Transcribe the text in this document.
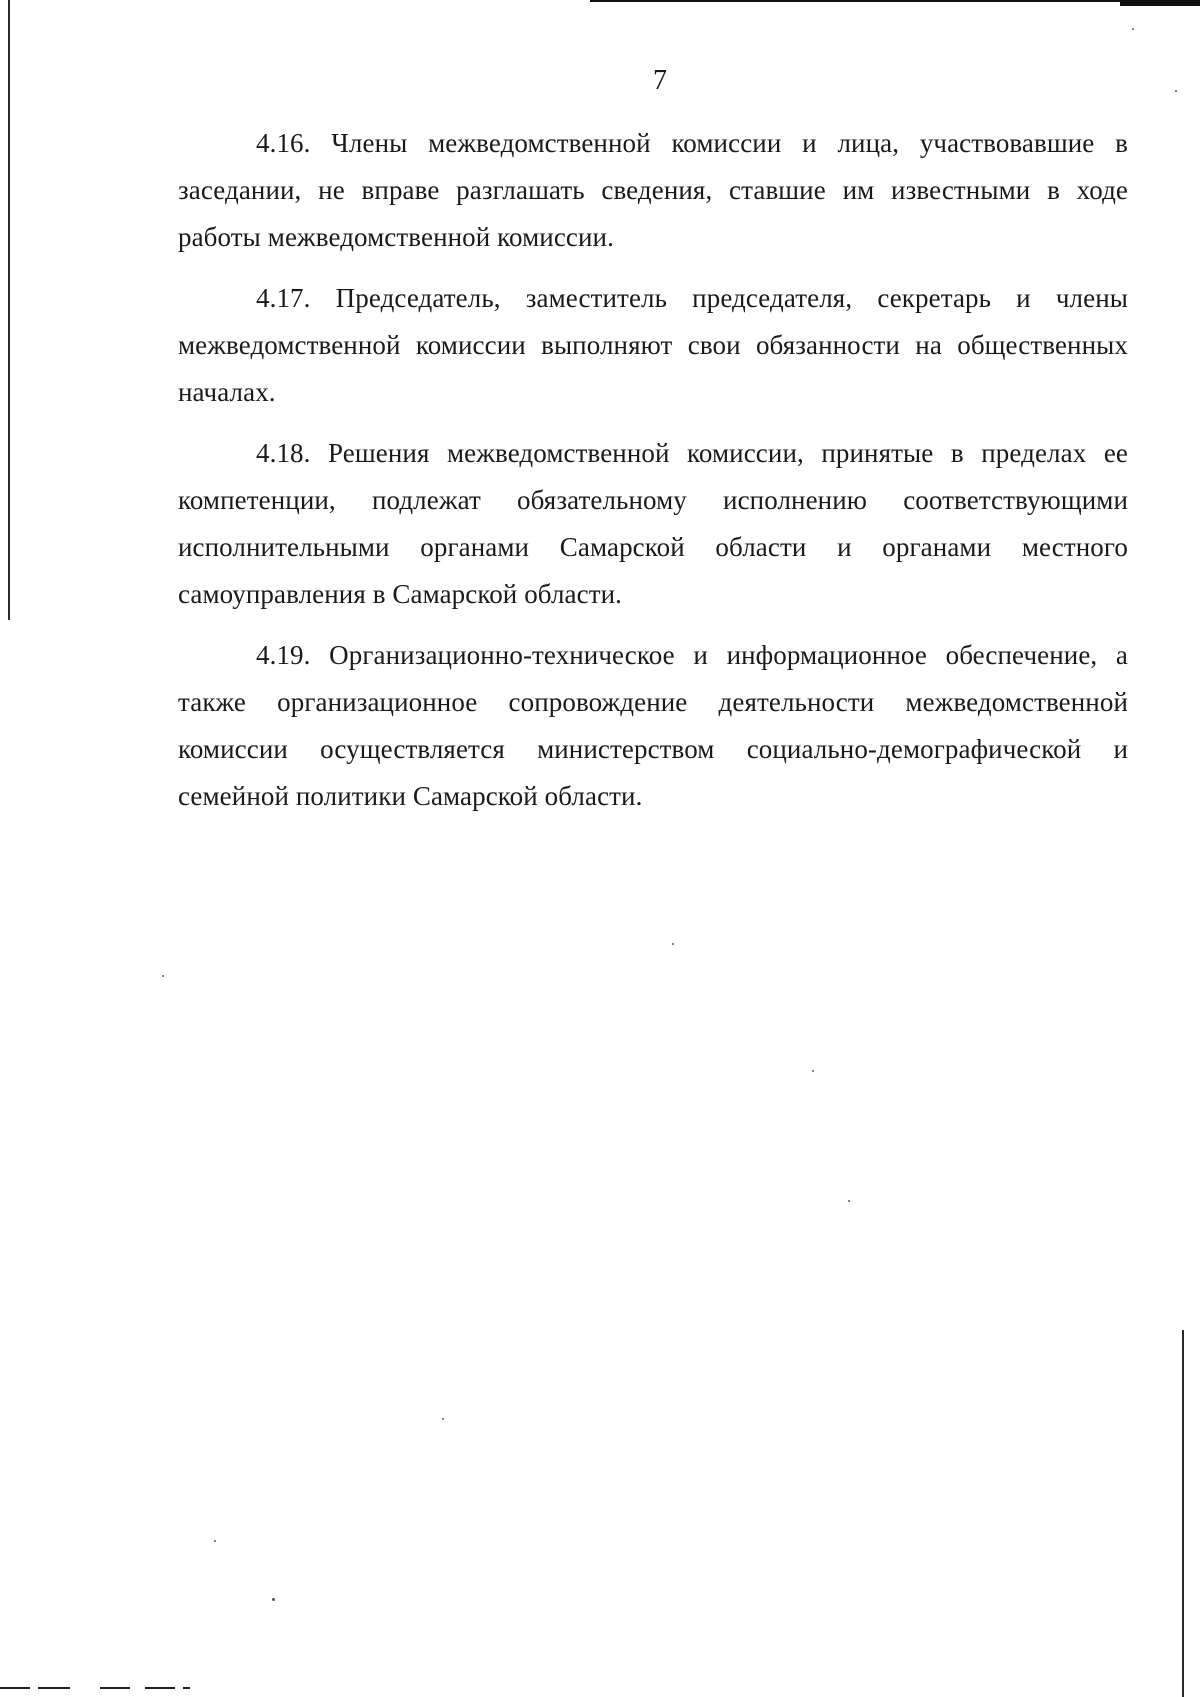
7

4.16. Члены межведомственной комиссии и лица, участвовавшие в заседании, не вправе разглашать сведения, ставшие им известными в ходе работы межведомственной комиссии.

4.17. Председатель, заместитель председателя, секретарь и члены межведомственной комиссии выполняют свои обязанности на общественных началах.

4.18. Решения межведомственной комиссии, принятые в пределах ее компетенции, подлежат обязательному исполнению соответствующими исполнительными органами Самарской области и органами местного самоуправления в Самарской области.

4.19. Организационно-техническое и информационное обеспечение, а также организационное сопровождение деятельности межведомственной комиссии осуществляется министерством социально-демографической и семейной политики Самарской области.
